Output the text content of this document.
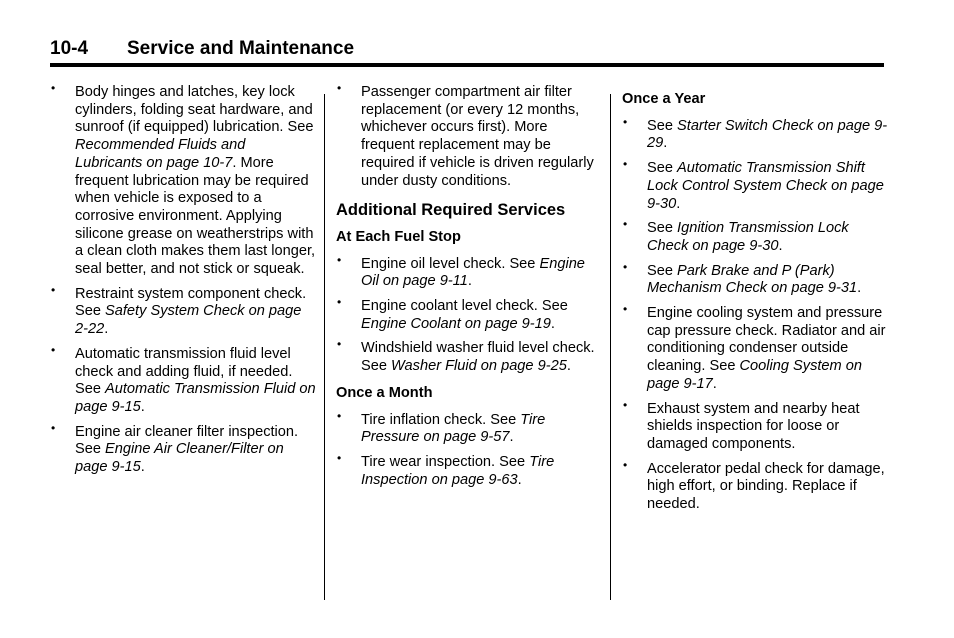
10-4 Service and Maintenance
• Body hinges and latches, key lock cylinders, folding seat hardware, and sunroof (if equipped) lubrication. See Recommended Fluids and Lubricants on page 10-7. More frequent lubrication may be required when vehicle is exposed to a corrosive environment. Applying silicone grease on weatherstrips with a clean cloth makes them last longer, seal better, and not stick or squeak.
• Restraint system component check. See Safety System Check on page 2-22.
• Automatic transmission fluid level check and adding fluid, if needed. See Automatic Transmission Fluid on page 9-15.
• Engine air cleaner filter inspection. See Engine Air Cleaner/Filter on page 9-15.
• Passenger compartment air filter replacement (or every 12 months, whichever occurs first). More frequent replacement may be required if vehicle is driven regularly under dusty conditions.
Additional Required Services
At Each Fuel Stop
• Engine oil level check. See Engine Oil on page 9-11.
• Engine coolant level check. See Engine Coolant on page 9-19.
• Windshield washer fluid level check. See Washer Fluid on page 9-25.
Once a Month
• Tire inflation check. See Tire Pressure on page 9-57.
• Tire wear inspection. See Tire Inspection on page 9-63.
Once a Year
• See Starter Switch Check on page 9-29.
• See Automatic Transmission Shift Lock Control System Check on page 9-30.
• See Ignition Transmission Lock Check on page 9-30.
• See Park Brake and P (Park) Mechanism Check on page 9-31.
• Engine cooling system and pressure cap pressure check. Radiator and air conditioning condenser outside cleaning. See Cooling System on page 9-17.
• Exhaust system and nearby heat shields inspection for loose or damaged components.
• Accelerator pedal check for damage, high effort, or binding. Replace if needed.
